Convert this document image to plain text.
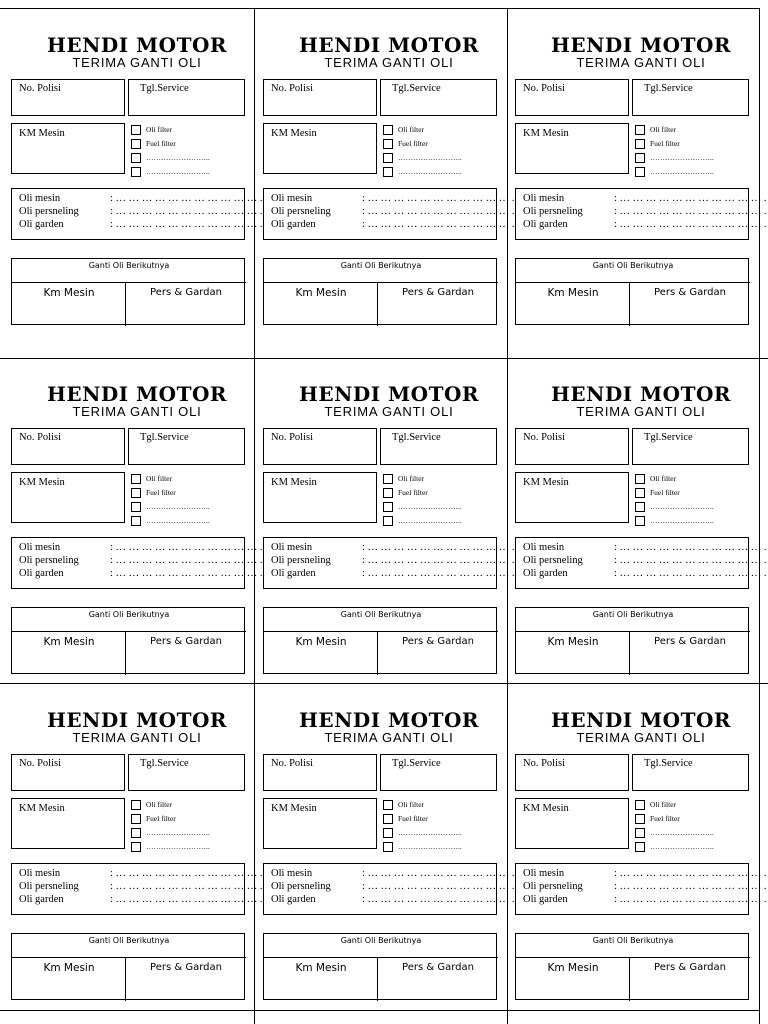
HENDI MOTOR
TERIMA GANTI OLI
No. Polisi	Tgl.Service
KM Mesin	Oli filter
Fuel filter
……………………..
……………………..
Oli mesin	: … … … … … … … … … … … .
Oli persneling	: … … … … … … … … … … … .
Oli garden	: … … … … … … … … … … … .
Ganti Oli Berikutnya
Km Mesin	Pers & Gardan
HENDI MOTOR
TERIMA GANTI OLI
No. Polisi	Tgl.Service
KM Mesin	Oli filter
Fuel filter
……………………..
……………………..
Oli mesin	: … … … … … … … … … … … .
Oli persneling	: … … … … … … … … … … … .
Oli garden	: … … … … … … … … … … … .
Ganti Oli Berikutnya
Km Mesin	Pers & Gardan
HENDI MOTOR
TERIMA GANTI OLI
No. Polisi	Tgl.Service
KM Mesin	Oli filter
Fuel filter
……………………..
……………………..
Oli mesin	: … … … … … … … … … … … .
Oli persneling	: … … … … … … … … … … … .
Oli garden	: … … … … … … … … … … … .
Ganti Oli Berikutnya
Km Mesin	Pers & Gardan
HENDI MOTOR
TERIMA GANTI OLI
No. Polisi	Tgl.Service
KM Mesin	Oli filter
Fuel filter
……………………..
……………………..
Oli mesin	: … … … … … … … … … … … .
Oli persneling	: … … … … … … … … … … … .
Oli garden	: … … … … … … … … … … … .
Ganti Oli Berikutnya
Km Mesin	Pers & Gardan
HENDI MOTOR
TERIMA GANTI OLI
No. Polisi	Tgl.Service
KM Mesin	Oli filter
Fuel filter
……………………..
……………………..
Oli mesin	: … … … … … … … … … … … .
Oli persneling	: … … … … … … … … … … … .
Oli garden	: … … … … … … … … … … … .
Ganti Oli Berikutnya
Km Mesin	Pers & Gardan
HENDI MOTOR
TERIMA GANTI OLI
No. Polisi	Tgl.Service
KM Mesin	Oli filter
Fuel filter
……………………..
……………………..
Oli mesin	: … … … … … … … … … … … .
Oli persneling	: … … … … … … … … … … … .
Oli garden	: … … … … … … … … … … … .
Ganti Oli Berikutnya
Km Mesin	Pers & Gardan
HENDI MOTOR
TERIMA GANTI OLI
No. Polisi	Tgl.Service
KM Mesin	Oli filter
Fuel filter
……………………..
……………………..
Oli mesin	: … … … … … … … … … … … .
Oli persneling	: … … … … … … … … … … … .
Oli garden	: … … … … … … … … … … … .
Ganti Oli Berikutnya
Km Mesin	Pers & Gardan
HENDI MOTOR
TERIMA GANTI OLI
No. Polisi	Tgl.Service
KM Mesin	Oli filter
Fuel filter
……………………..
……………………..
Oli mesin	: … … … … … … … … … … … .
Oli persneling	: … … … … … … … … … … … .
Oli garden	: … … … … … … … … … … … .
Ganti Oli Berikutnya
Km Mesin	Pers & Gardan
HENDI MOTOR
TERIMA GANTI OLI
No. Polisi	Tgl.Service
KM Mesin	Oli filter
Fuel filter
……………………..
……………………..
Oli mesin	: … … … … … … … … … … … .
Oli persneling	: … … … … … … … … … … … .
Oli garden	: … … … … … … … … … … … .
Ganti Oli Berikutnya
Km Mesin	Pers & Gardan
